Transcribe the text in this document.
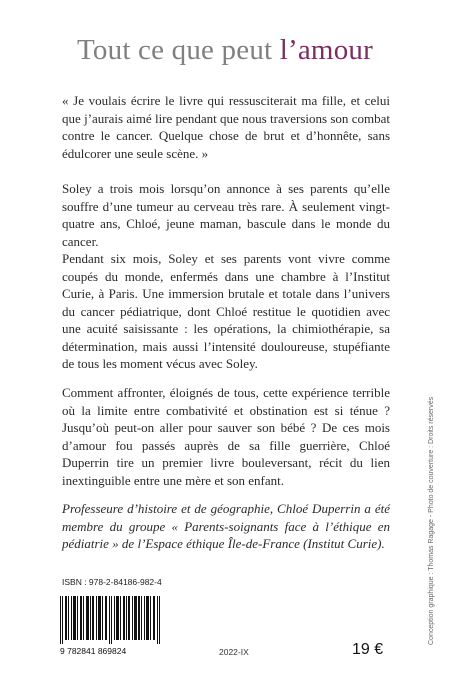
Tout ce que peut l’amour

« Je voulais écrire le livre qui ressusciterait ma fille, et celui que j’aurais aimé lire pendant que nous traversions son combat contre le cancer. Quelque chose de brut et d’honnête, sans édulcorer une seule scène. »

Soley a trois mois lorsqu’on annonce à ses parents qu’elle souffre d’une tumeur au cerveau très rare. À seulement vingt-quatre ans, Chloé, jeune maman, bascule dans le monde du cancer.

Pendant six mois, Soley et ses parents vont vivre comme coupés du monde, enfermés dans une chambre à l’Institut Curie, à Paris. Une immersion brutale et totale dans l’univers du cancer pédiatrique, dont Chloé restitue le quotidien avec une acuité saisissante : les opérations, la chimiothérapie, sa détermination, mais aussi l’intensité douloureuse, stupéfiante de tous les moment vécus avec Soley.

Comment affronter, éloignés de tous, cette expérience terrible où la limite entre combativité et obstination est si ténue ? Jusqu’où peut-on aller pour sauver son bébé ? De ces mois d’amour fou passés auprès de sa fille guerrière, Chloé Duperrin tire un premier livre bouleversant, récit du lien inextinguible entre une mère et son enfant.

Professeure d’histoire et de géographie, Chloé Duperrin a été membre du groupe « Parents-soignants face à l’éthique en pédiatrie » de l’Espace éthique Île-de-France (Institut Curie).

ISBN : 978-2-84186-982-4
9 782841 869824	2022-IX	19 €
Conception graphique : Thomas Ragage - Photo de couverture : Droits réservés
